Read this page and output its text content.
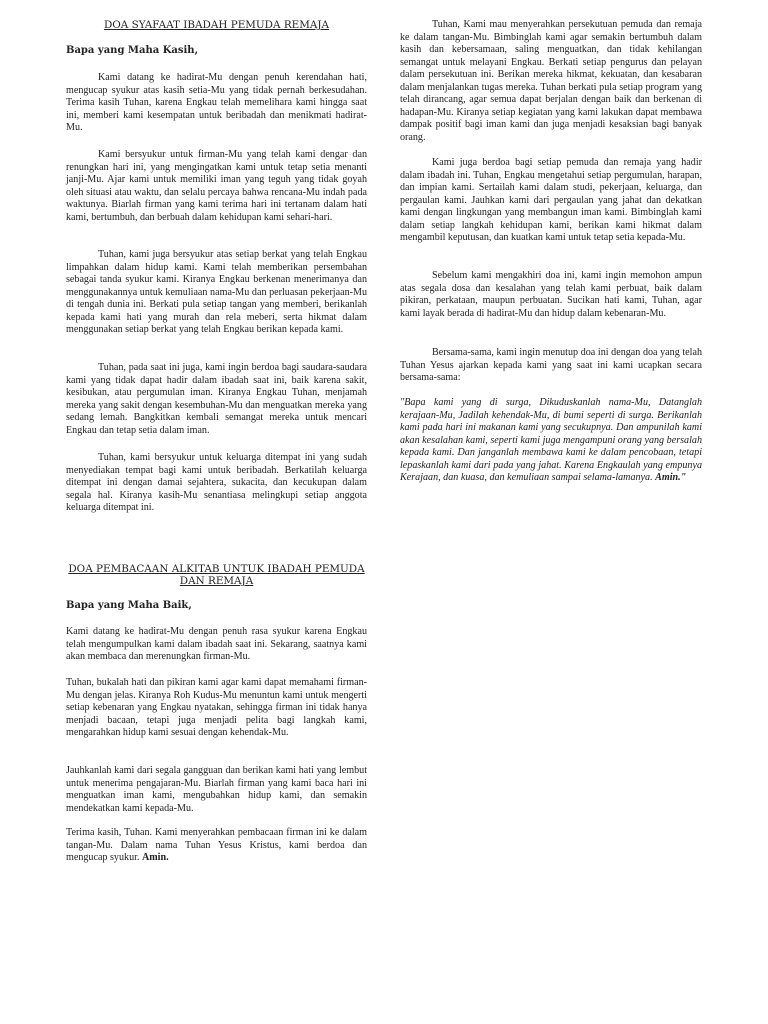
DOA SYAFAAT IBADAH PEMUDA REMAJA

Bapa yang Maha Kasih,

Kami datang ke hadirat-Mu dengan penuh kerendahan hati, mengucap syukur atas kasih setia-Mu yang tidak pernah berkesudahan. Terima kasih Tuhan, karena Engkau telah memelihara kami hingga saat ini, memberi kami kesempatan untuk beribadah dan menikmati hadirat-Mu.

Kami bersyukur untuk firman-Mu yang telah kami dengar dan renungkan hari ini, yang mengingatkan kami untuk tetap setia menanti janji-Mu. Ajar kami untuk memiliki iman yang teguh yang tidak goyah oleh situasi atau waktu, dan selalu percaya bahwa rencana-Mu indah pada waktunya. Biarlah firman yang kami terima hari ini tertanam dalam hati kami, bertumbuh, dan berbuah dalam kehidupan kami sehari-hari.

Tuhan, kami juga bersyukur atas setiap berkat yang telah Engkau limpahkan dalam hidup kami. Kami telah memberikan persembahan sebagai tanda syukur kami. Kiranya Engkau berkenan menerimanya dan menggunakannya untuk kemuliaan nama-Mu dan perluasan pekerjaan-Mu di tengah dunia ini. Berkati pula setiap tangan yang memberi, berikanlah kepada kami hati yang murah dan rela meberi, serta hikmat dalam menggunakan setiap berkat yang telah Engkau berikan kepada kami.

Tuhan, pada saat ini juga, kami ingin berdoa bagi saudara-saudara kami yang tidak dapat hadir dalam ibadah saat ini, baik karena sakit, kesibukan, atau pergumulan iman. Kiranya Engkau Tuhan, menjamah mereka yang sakit dengan kesembuhan-Mu dan menguatkan mereka yang sedang lemah. Bangkitkan kembali semangat mereka untuk mencari Engkau dan tetap setia dalam iman.

Tuhan, kami bersyukur untuk keluarga ditempat ini yang sudah menyediakan tempat bagi kami untuk beribadah. Berkatilah keluarga ditempat ini dengan damai sejahtera, sukacita, dan kecukupan dalam segala hal. Kiranya kasih-Mu senantiasa melingkupi setiap anggota keluarga ditempat ini.

DOA PEMBACAAN ALKITAB UNTUK IBADAH PEMUDA DAN REMAJA

Bapa yang Maha Baik,

Kami datang ke hadirat-Mu dengan penuh rasa syukur karena Engkau telah mengumpulkan kami dalam ibadah saat ini. Sekarang, saatnya kami akan membaca dan merenungkan firman-Mu.

Tuhan, bukalah hati dan pikiran kami agar kami dapat memahami firman-Mu dengan jelas. Kiranya Roh Kudus-Mu menuntun kami untuk mengerti setiap kebenaran yang Engkau nyatakan, sehingga firman ini tidak hanya menjadi bacaan, tetapi juga menjadi pelita bagi langkah kami, mengarahkan hidup kami sesuai dengan kehendak-Mu.

Jauhkanlah kami dari segala gangguan dan berikan kami hati yang lembut untuk menerima pengajaran-Mu. Biarlah firman yang kami baca hari ini menguatkan iman kami, mengubahkan hidup kami, dan semakin mendekatkan kami kepada-Mu.

Terima kasih, Tuhan. Kami menyerahkan pembacaan firman ini ke dalam tangan-Mu. Dalam nama Tuhan Yesus Kristus, kami berdoa dan mengucap syukur. Amin.

Tuhan, Kami mau menyerahkan persekutuan pemuda dan remaja ke dalam tangan-Mu. Bimbinglah kami agar semakin bertumbuh dalam kasih dan kebersamaan, saling menguatkan, dan tidak kehilangan semangat untuk melayani Engkau. Berkati setiap pengurus dan pelayan dalam persekutuan ini. Berikan mereka hikmat, kekuatan, dan kesabaran dalam menjalankan tugas mereka. Tuhan berkati pula setiap program yang telah dirancang, agar semua dapat berjalan dengan baik dan berkenan di hadapan-Mu. Kiranya setiap kegiatan yang kami lakukan dapat membawa dampak positif bagi iman kami dan juga menjadi kesaksian bagi banyak orang.

Kami juga berdoa bagi setiap pemuda dan remaja yang hadir dalam ibadah ini. Tuhan, Engkau mengetahui setiap pergumulan, harapan, dan impian kami. Sertailah kami dalam studi, pekerjaan, keluarga, dan pergaulan kami. Jauhkan kami dari pergaulan yang jahat dan dekatkan kami dengan lingkungan yang membangun iman kami. Bimbinglah kami dalam setiap langkah kehidupan kami, berikan kami hikmat dalam mengambil keputusan, dan kuatkan kami untuk tetap setia kepada-Mu.

Sebelum kami mengakhiri doa ini, kami ingin memohon ampun atas segala dosa dan kesalahan yang telah kami perbuat, baik dalam pikiran, perkataan, maupun perbuatan. Sucikan hati kami, Tuhan, agar kami layak berada di hadirat-Mu dan hidup dalam kebenaran-Mu.

Bersama-sama, kami ingin menutup doa ini dengan doa yang telah Tuhan Yesus ajarkan kepada kami yang saat ini kami ucapkan secara bersama-sama:

"Bapa kami yang di surga, Dikuduskanlah nama-Mu, Datanglah kerajaan-Mu, Jadilah kehendak-Mu, di bumi seperti di surga. Berikanlah kami pada hari ini makanan kami yang secukupnya. Dan ampunilah kami akan kesalahan kami, seperti kami juga mengampuni orang yang bersalah kepada kami. Dan janganlah membawa kami ke dalam pencobaan, tetapi lepaskanlah kami dari pada yang jahat. Karena Engkaulah yang empunya Kerajaan, dan kuasa, dan kemuliaan sampai selama-lamanya. Amin."
